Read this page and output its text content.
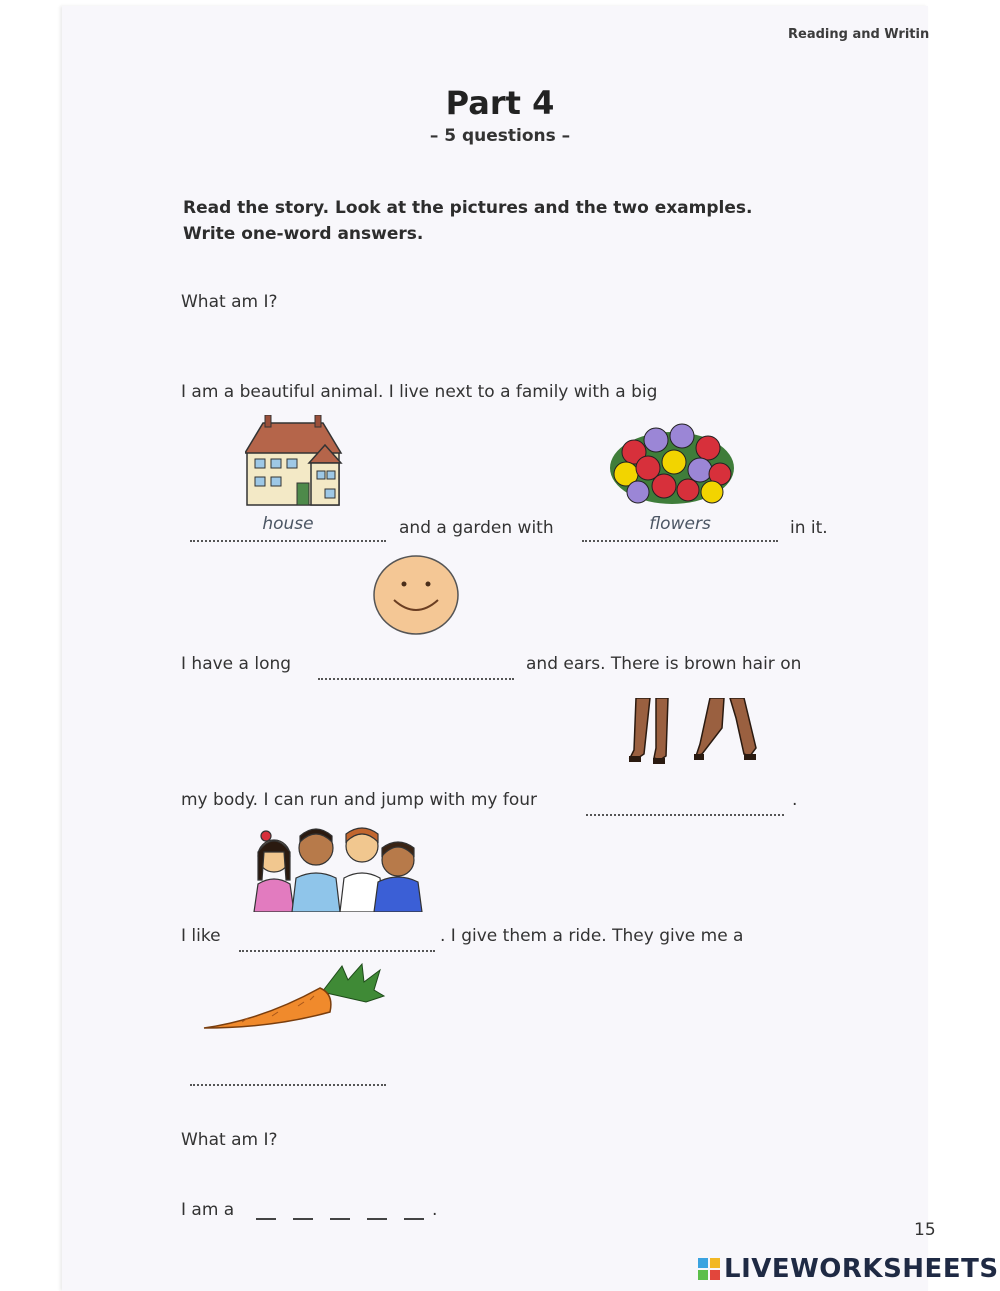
Reading and Writin
Part 4
– 5 questions –
Read the story. Look at the pictures and the two examples.
Write one-word answers.
What am I?
I am a beautiful animal. I live next to a family with a big
house	and a garden with	flowers	in it.
I have a long	and ears. There is brown hair on
my body. I can run and jump with my four	.
I like	. I give them a ride. They give me a
What am I?
I am a	.
15
LIVEWORKSHEETS
